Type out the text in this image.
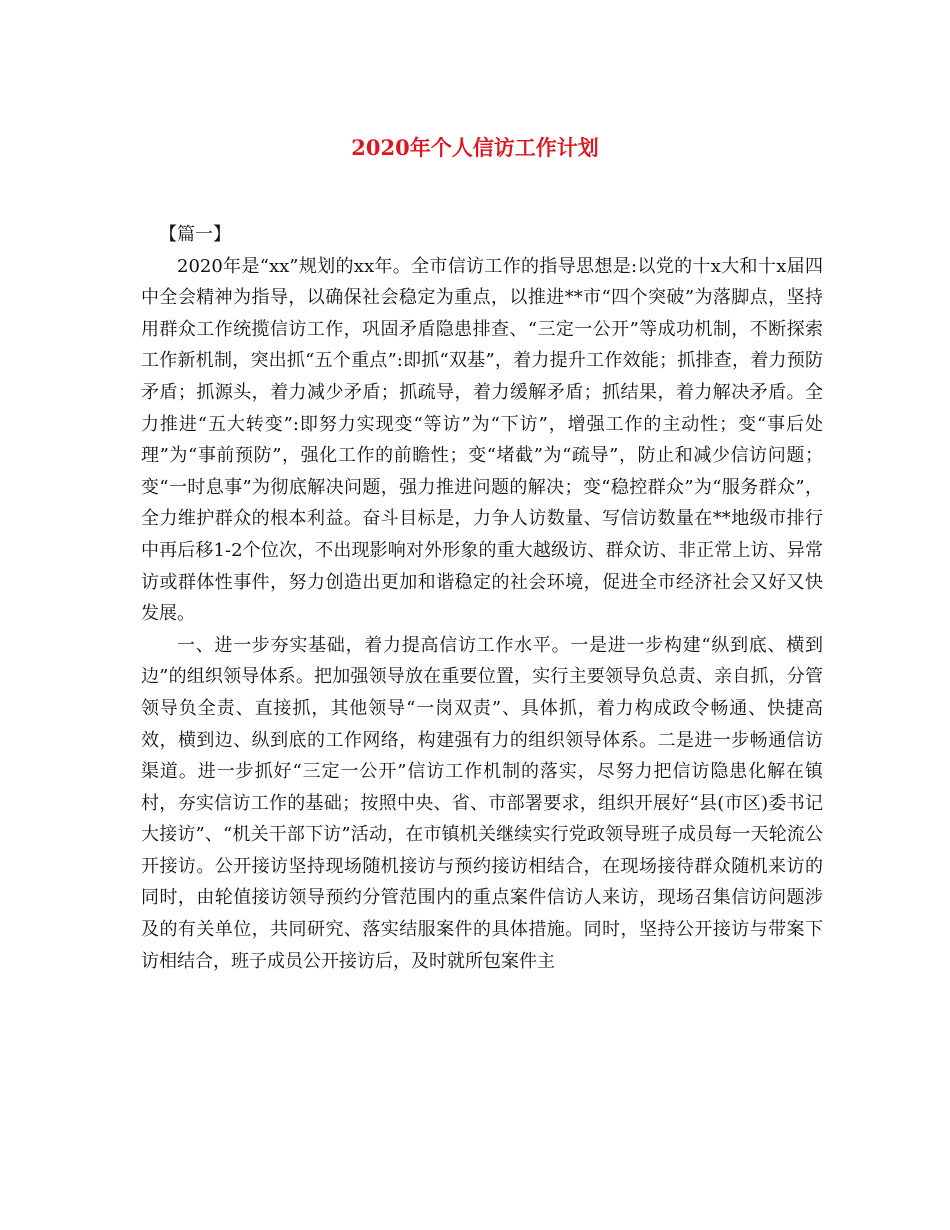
2020年个人信访工作计划

【篇一】

2020年是“xx”规划的xx年。全市信访工作的指导思想是:以党的十x大和十x届四中全会精神为指导，以确保社会稳定为重点，以推进**市“四个突破”为落脚点，坚持用群众工作统揽信访工作，巩固矛盾隐患排查、“三定一公开”等成功机制，不断探索工作新机制，突出抓“五个重点”:即抓“双基”，着力提升工作效能；抓排查，着力预防矛盾；抓源头，着力减少矛盾；抓疏导，着力缓解矛盾；抓结果，着力解决矛盾。全力推进“五大转变”:即努力实现变“等访”为“下访”，增强工作的主动性；变“事后处理”为“事前预防”，强化工作的前瞻性；变“堵截”为“疏导”，防止和减少信访问题；变“一时息事”为彻底解决问题，强力推进问题的解决；变“稳控群众”为“服务群众”，全力维护群众的根本利益。奋斗目标是，力争人访数量、写信访数量在**地级市排行中再后移1-2个位次，不出现影响对外形象的重大越级访、群众访、非正常上访、异常访或群体性事件，努力创造出更加和谐稳定的社会环境，促进全市经济社会又好又快发展。

一、进一步夯实基础，着力提高信访工作水平。一是进一步构建“纵到底、横到边”的组织领导体系。把加强领导放在重要位置，实行主要领导负总责、亲自抓，分管领导负全责、直接抓，其他领导“一岗双责”、具体抓，着力构成政令畅通、快捷高效，横到边、纵到底的工作网络，构建强有力的组织领导体系。二是进一步畅通信访渠道。进一步抓好“三定一公开”信访工作机制的落实，尽努力把信访隐患化解在镇村，夯实信访工作的基础；按照中央、省、市部署要求，组织开展好“县(市区)委书记大接访”、“机关干部下访”活动，在市镇机关继续实行党政领导班子成员每一天轮流公开接访。公开接访坚持现场随机接访与预约接访相结合，在现场接待群众随机来访的同时，由轮值接访领导预约分管范围内的重点案件信访人来访，现场召集信访问题涉及的有关单位，共同研究、落实结服案件的具体措施。同时，坚持公开接访与带案下访相结合，班子成员公开接访后，及时就所包案件主
